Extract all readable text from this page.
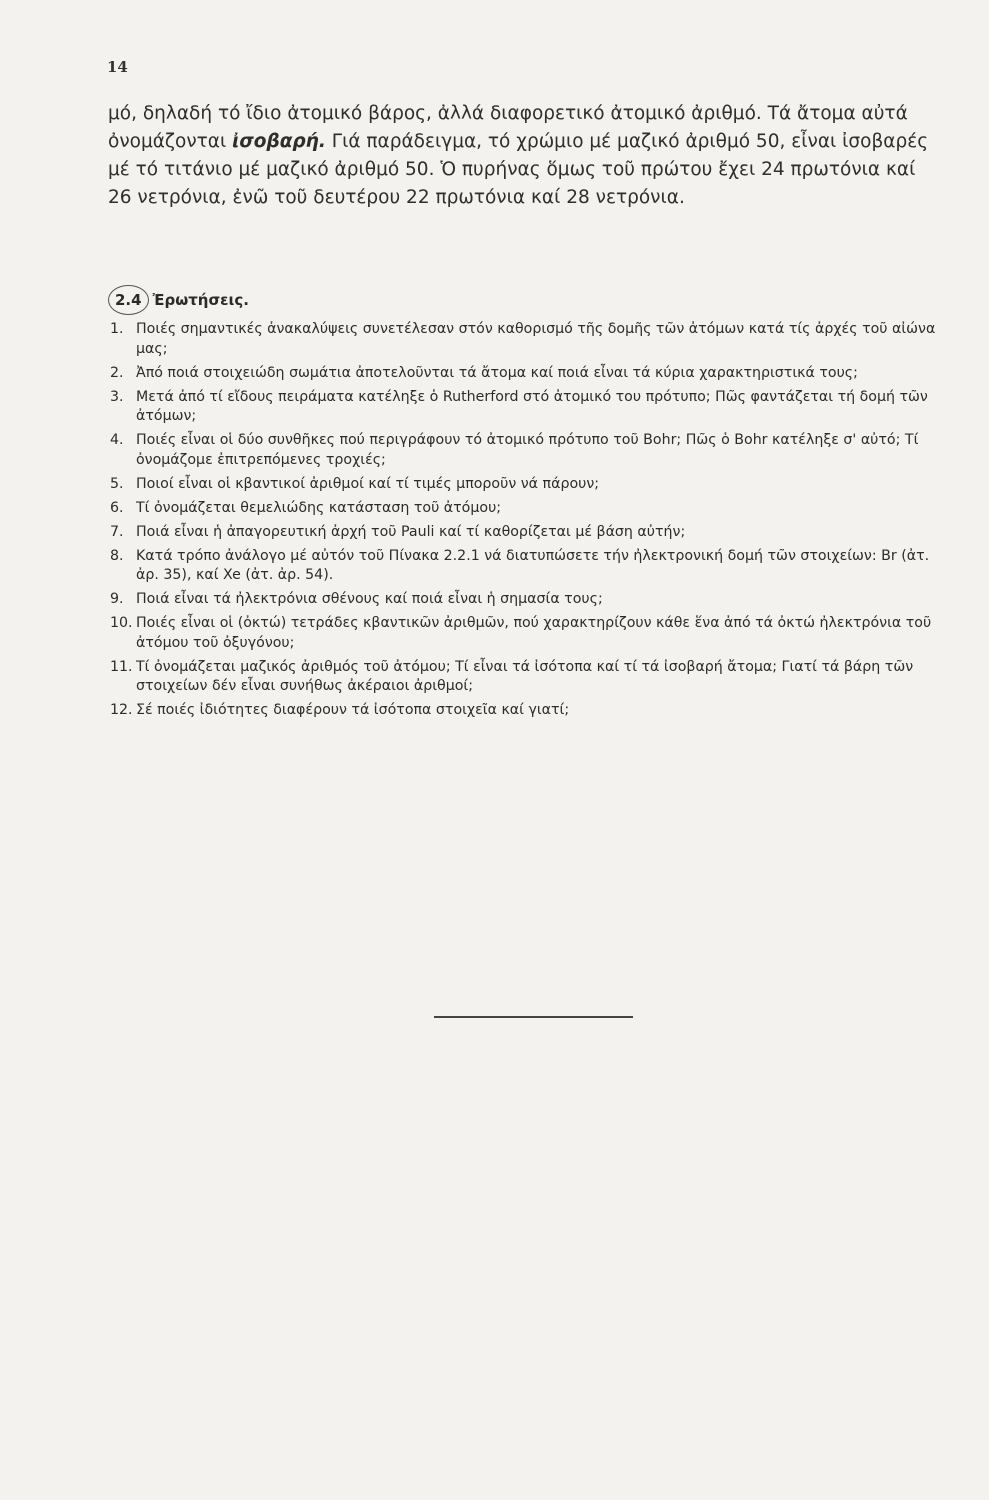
14

μό, δηλαδή τό ἴδιο ἀτομικό βάρος, ἀλλά διαφορετικό ἀτομικό ἀριθμό. Τά ἄτομα αὐτά ὀνομάζονται ἰσοβαρή. Γιά παράδειγμα, τό χρώμιο μέ μαζικό ἀριθμό 50, εἶναι ἰσοβαρές μέ τό τιτάνιο μέ μαζικό ἀριθμό 50. Ὁ πυρήνας ὅμως τοῦ πρώτου ἔχει 24 πρωτόνια καί 26 νετρόνια, ἐνῶ τοῦ δευτέρου 22 πρωτόνια καί 28 νετρόνια.

2.4 Ἐρωτήσεις.
1. Ποιές σημαντικές ἀνακαλύψεις συνετέλεσαν στόν καθορισμό τῆς δομῆς τῶν ἀτόμων κατά τίς ἀρχές τοῦ αἰώνα μας;
2. Ἀπό ποιά στοιχειώδη σωμάτια ἀποτελοῦνται τά ἄτομα καί ποιά εἶναι τά κύρια χαρακτηριστικά τους;
3. Μετά ἀπό τί εἴδους πειράματα κατέληξε ὁ Rutherford στό ἀτομικό του πρότυπο; Πῶς φαντάζεται τή δομή τῶν ἀτόμων;
4. Ποιές εἶναι οἱ δύο συνθῆκες πού περιγράφουν τό ἀτομικό πρότυπο τοῦ Bohr; Πῶς ὁ Bohr κατέληξε σ' αὐτό; Τί ὀνομάζομε ἐπιτρεπόμενες τροχιές;
5. Ποιοί εἶναι οἱ κβαντικοί ἀριθμοί καί τί τιμές μποροῦν νά πάρουν;
6. Τί ὀνομάζεται θεμελιώδης κατάσταση τοῦ ἀτόμου;
7. Ποιά εἶναι ἡ ἀπαγορευτική ἀρχή τοῦ Pauli καί τί καθορίζεται μέ βάση αὐτήν;
8. Κατά τρόπο ἀνάλογο μέ αὐτόν τοῦ Πίνακα 2.2.1 νά διατυπώσετε τήν ἠλεκτρονική δομή τῶν στοιχείων: Br (ἀτ. ἀρ. 35), καί Xe (ἀτ. ἀρ. 54).
9. Ποιά εἶναι τά ἠλεκτρόνια σθένους καί ποιά εἶναι ἡ σημασία τους;
10. Ποιές εἶναι οἱ (ὀκτώ) τετράδες κβαντικῶν ἀριθμῶν, πού χαρακτηρίζουν κάθε ἕνα ἀπό τά ὀκτώ ἠλεκτρόνια τοῦ ἀτόμου τοῦ ὀξυγόνου;
11. Τί ὀνομάζεται μαζικός ἀριθμός τοῦ ἀτόμου; Τί εἶναι τά ἰσότοπα καί τί τά ἰσοβαρή ἄτομα; Γιατί τά βάρη τῶν στοιχείων δέν εἶναι συνήθως ἀκέραιοι ἀριθμοί;
12. Σέ ποιές ἰδιότητες διαφέρουν τά ἰσότοπα στοιχεῖα καί γιατί;
